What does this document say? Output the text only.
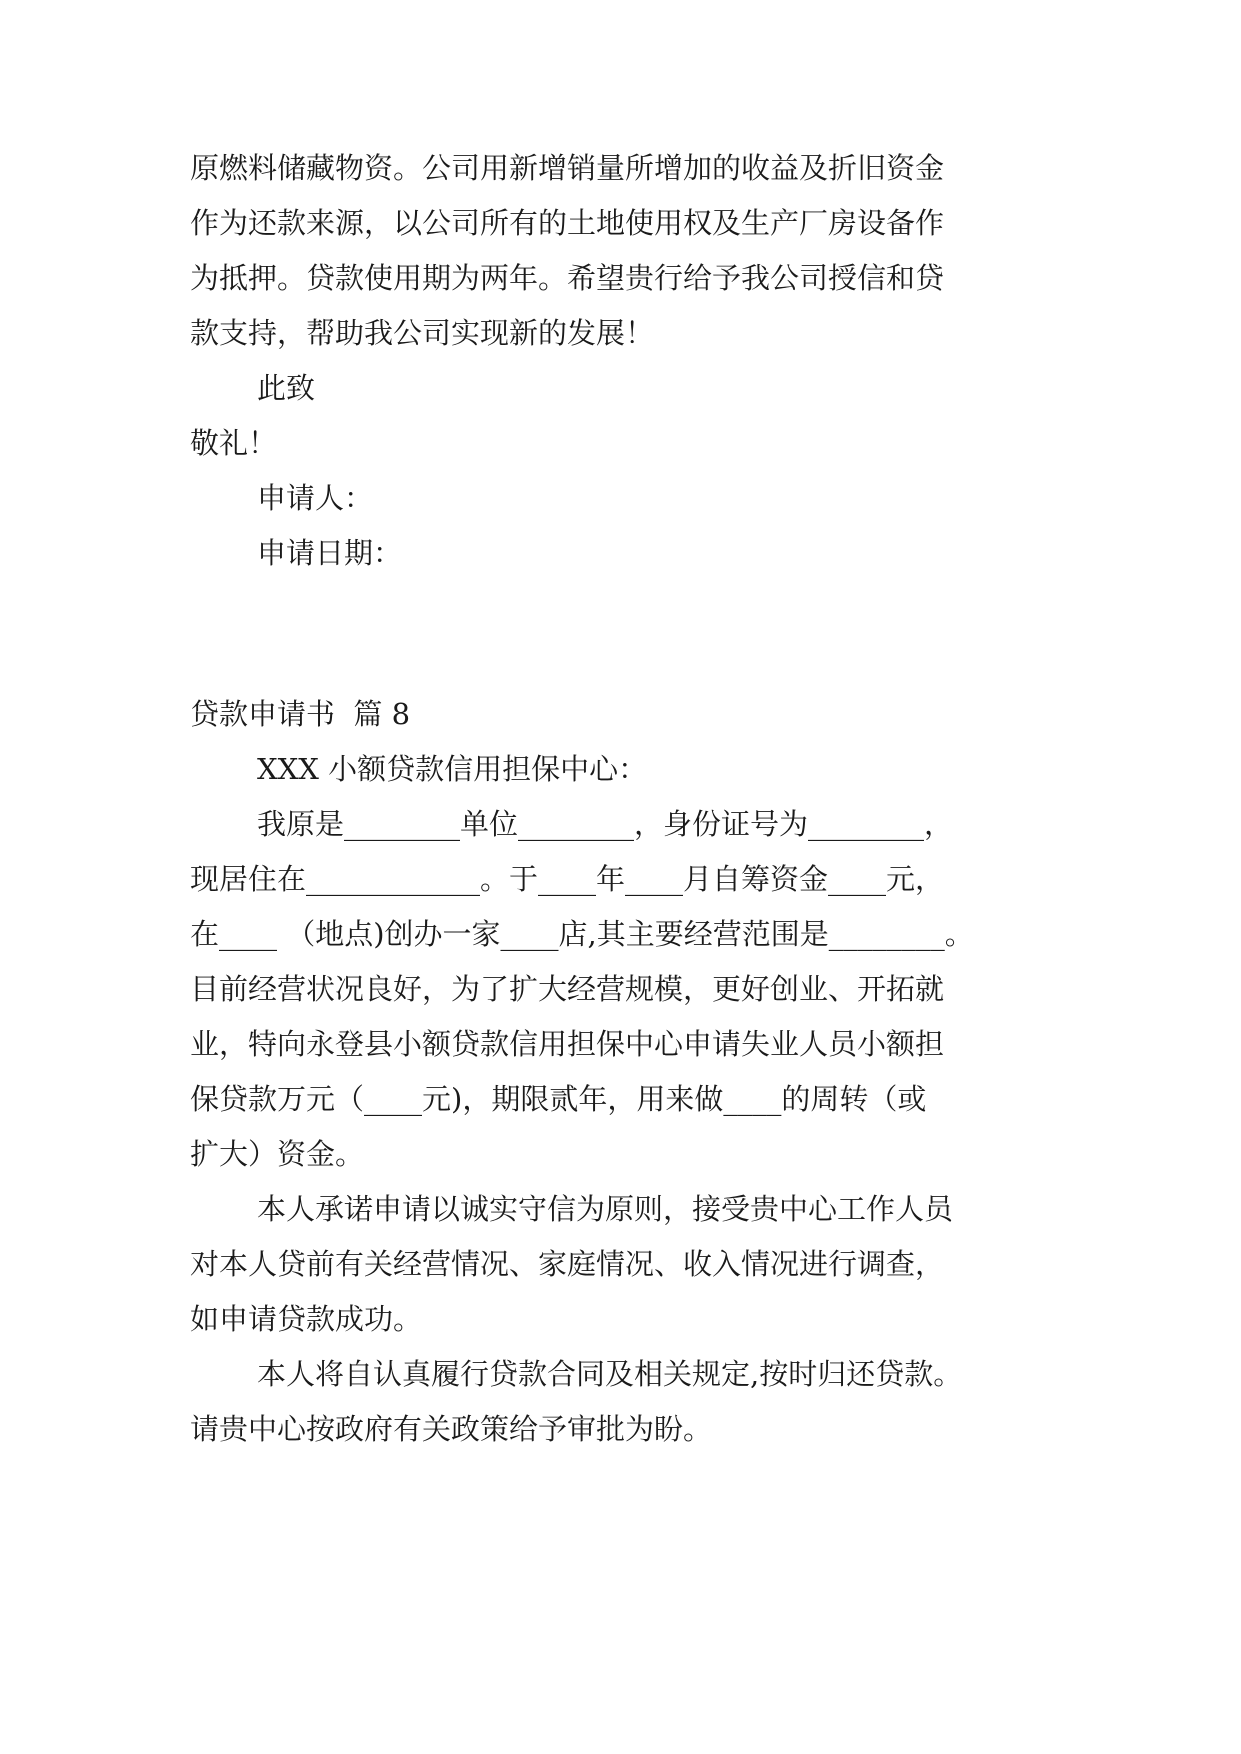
原燃料储藏物资。公司用新增销量所增加的收益及折旧资金

作为还款来源，以公司所有的土地使用权及生产厂房设备作

为抵押。贷款使用期为两年。希望贵行给予我公司授信和贷

款支持，帮助我公司实现新的发展！

此致

敬礼！

申请人：

申请日期：

贷款申请书  篇 8

XXX 小额贷款信用担保中心：

我原是________单位________，身份证号为________，

现居住在____________。于____年____月自筹资金____元，

在____ （地点)创办一家____店,其主要经营范围是________。

目前经营状况良好，为了扩大经营规模，更好创业、开拓就

业，特向永登县小额贷款信用担保中心申请失业人员小额担

保贷款万元（____元)，期限贰年，用来做____的周转（或

扩大）资金。

本人承诺申请以诚实守信为原则，接受贵中心工作人员

对本人贷前有关经营情况、家庭情况、收入情况进行调查，

如申请贷款成功。

本人将自认真履行贷款合同及相关规定,按时归还贷款。

请贵中心按政府有关政策给予审批为盼。
